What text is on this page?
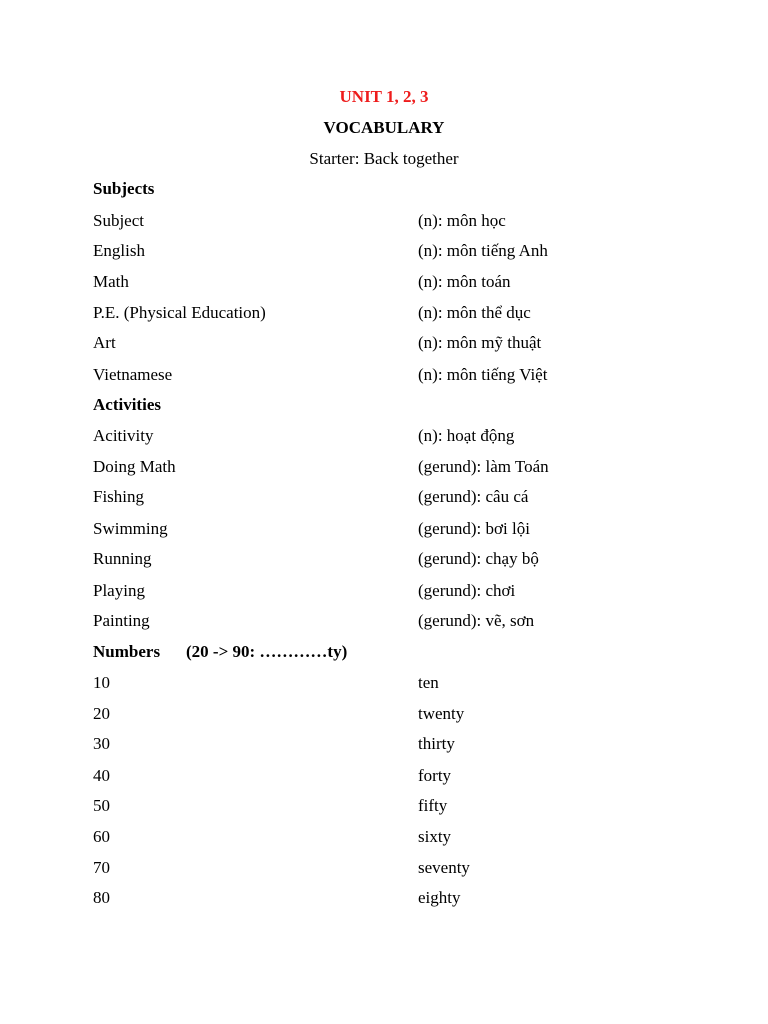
UNIT 1, 2, 3
VOCABULARY
Starter: Back together
Subjects
Subject	(n): môn học
English	(n): môn tiếng Anh
Math	(n): môn toán
P.E. (Physical Education)	(n): môn thể dục
Art	(n): môn mỹ thuật
Vietnamese	(n): môn tiếng Việt
Activities
Acitivity	(n): hoạt động
Doing Math	(gerund): làm Toán
Fishing	(gerund): câu cá
Swimming	(gerund): bơi lội
Running	(gerund): chạy bộ
Playing	(gerund): chơi
Painting	(gerund): vẽ, sơn
Numbers (20 -> 90: …………ty)
10	ten
20	twenty
30	thirty
40	forty
50	fifty
60	sixty
70	seventy
80	eighty
